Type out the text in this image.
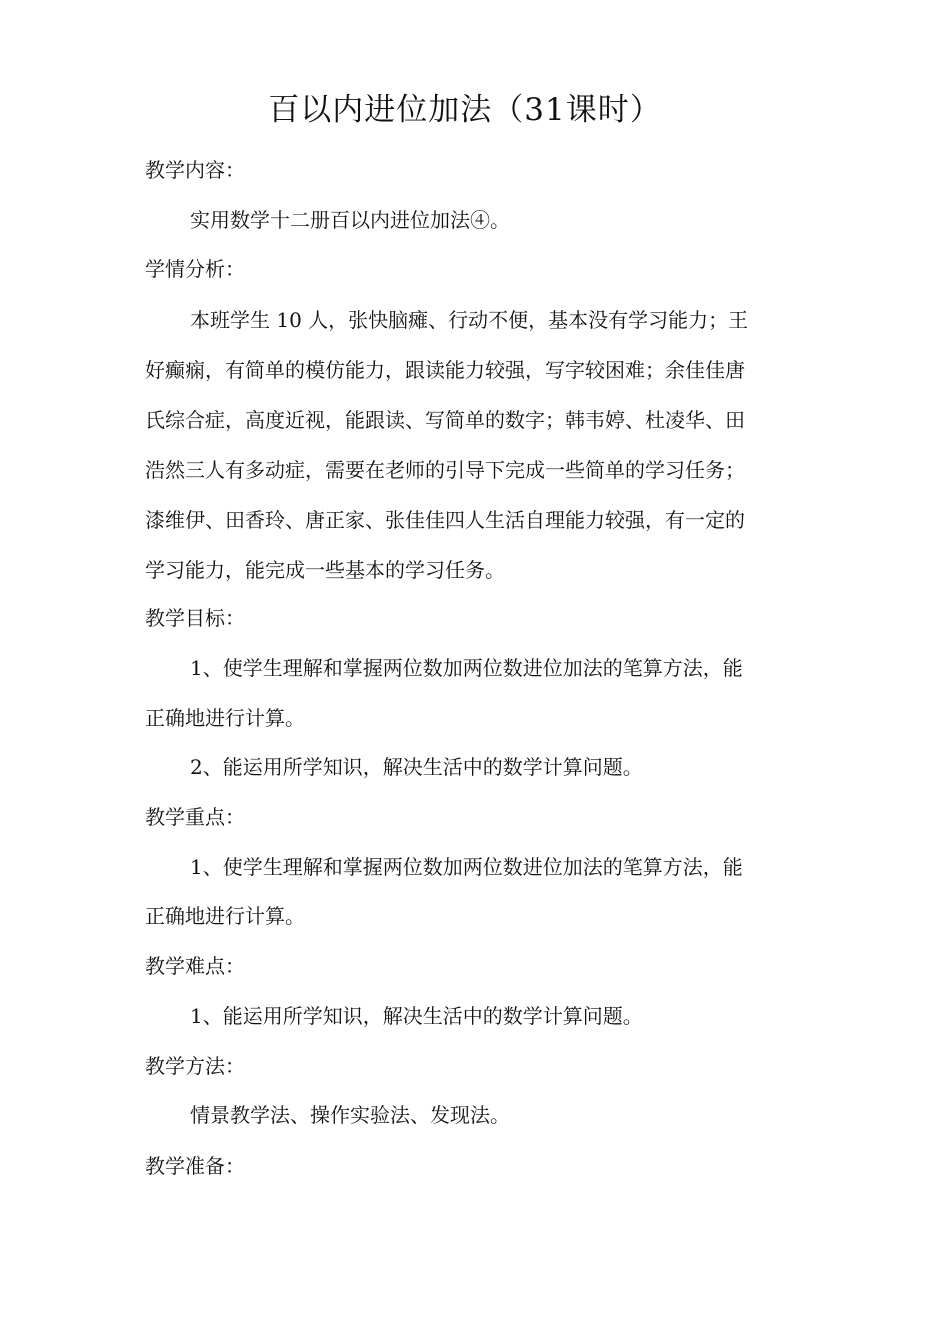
百以内进位加法（31课时）
教学内容：
实用数学十二册百以内进位加法④。
学情分析：
本班学生 10 人，张快脑瘫、行动不便，基本没有学习能力；王
好癫痫，有简单的模仿能力，跟读能力较强，写字较困难；余佳佳唐
氏综合症，高度近视，能跟读、写简单的数字；韩韦婷、杜凌华、田
浩然三人有多动症，需要在老师的引导下完成一些简单的学习任务；
漆维伊、田香玲、唐正家、张佳佳四人生活自理能力较强，有一定的
学习能力，能完成一些基本的学习任务。
教学目标：
1、使学生理解和掌握两位数加两位数进位加法的笔算方法，能
正确地进行计算。
2、能运用所学知识，解决生活中的数学计算问题。
教学重点：
1、使学生理解和掌握两位数加两位数进位加法的笔算方法，能
正确地进行计算。
教学难点：
1、能运用所学知识，解决生活中的数学计算问题。
教学方法：
情景教学法、操作实验法、发现法。
教学准备：
